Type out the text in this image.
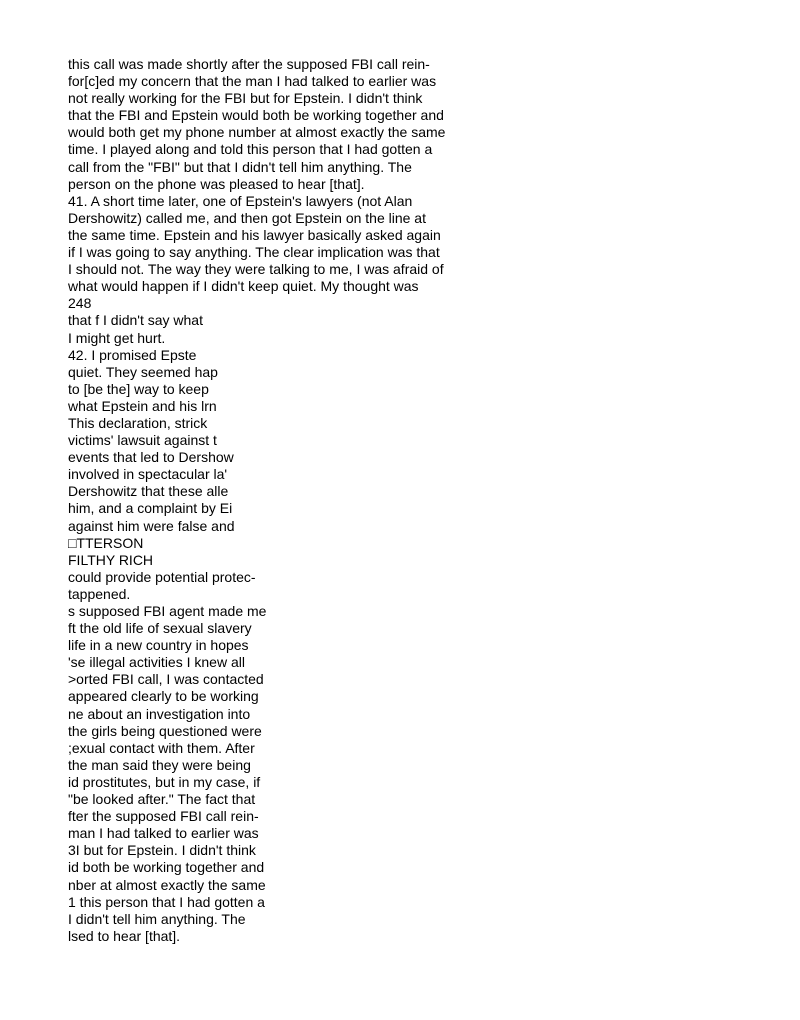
this call was made shortly after the supposed FBI call rein-
for[c]ed my concern that the man I had talked to earlier was
not really working for the FBI but for Epstein. I didn't think
that the FBI and Epstein would both be working together and
would both get my phone number at almost exactly the same
time. I played along and told this person that I had gotten a
call from the "FBI" but that I didn't tell him anything. The
person on the phone was pleased to hear [that].
41. A short time later, one of Epstein's lawyers (not Alan
Dershowitz) called me, and then got Epstein on the line at
the same time. Epstein and his lawyer basically asked again
if I was going to say anything. The clear implication was that
I should not. The way they were talking to me, I was afraid of
what would happen if I didn't keep quiet. My thought was
248
that f I didn't say what
I might get hurt.
42. I promised Epste
quiet. They seemed hap
to [be the] way to keep
what Epstein and his lrn
This declaration, strick
victims' lawsuit against t
events that led to Dershow
involved in spectacular la'
Dershowitz that these alle
him, and a complaint by Ei
against him were false and
□TTERSON
FILTHY RICH
could provide potential protec-
tappened.
s supposed FBI agent made me
ft the old life of sexual slavery
life in a new country in hopes
'se illegal activities I knew all
>orted FBI call, I was contacted
appeared clearly to be working
ne about an investigation into
the girls being questioned were
;exual contact with them. After
the man said they were being
id prostitutes, but in my case, if
"be looked after." The fact that
fter the supposed FBI call rein-
man I had talked to earlier was
3I but for Epstein. I didn't think
id both be working together and
nber at almost exactly the same
1 this person that I had gotten a
I didn't tell him anything. The
lsed to hear [that].
